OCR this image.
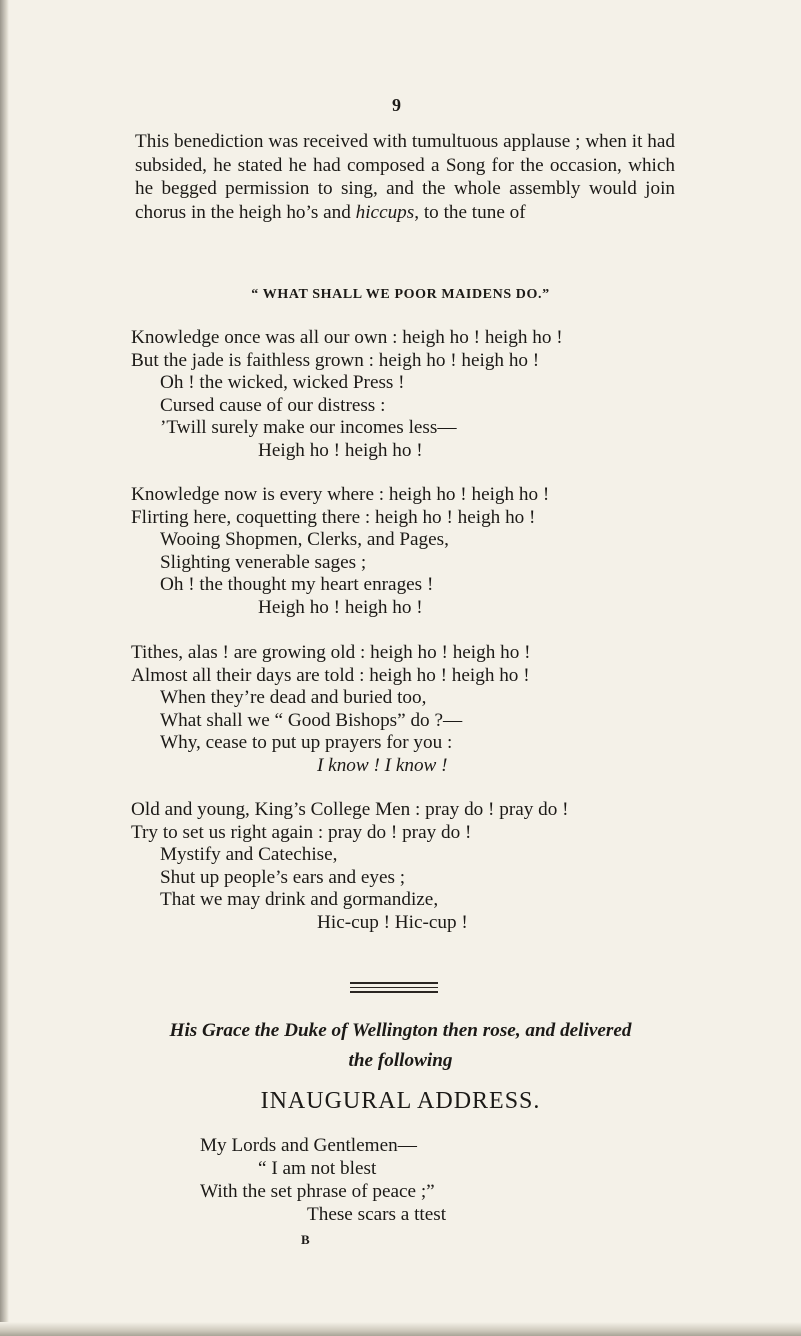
9

This benediction was received with tumultuous applause ; when it had subsided, he stated he had composed a Song for the occasion, which he begged permission to sing, and the whole assembly would join chorus in the heigh ho’s and hiccups, to the tune of

“ WHAT SHALL WE POOR MAIDENS DO.”
Knowledge once was all our own : heigh ho ! heigh ho !
But the jade is faithless grown : heigh ho ! heigh ho !
Oh ! the wicked, wicked Press !
Cursed cause of our distress :
’Twill surely make our incomes less—
Heigh ho ! heigh ho !
Knowledge now is every where : heigh ho ! heigh ho !
Flirting here, coquetting there : heigh ho ! heigh ho !
Wooing Shopmen, Clerks, and Pages,
Slighting venerable sages ;
Oh ! the thought my heart enrages !
Heigh ho ! heigh ho !
Tithes, alas ! are growing old : heigh ho ! heigh ho !
Almost all their days are told : heigh ho ! heigh ho !
When they’re dead and buried too,
What shall we “ Good Bishops” do ?—
Why, cease to put up prayers for you :
I know ! I know !
Old and young, King’s College Men : pray do ! pray do !
Try to set us right again : pray do ! pray do !
Mystify and Catechise,
Shut up people’s ears and eyes ;
That we may drink and gormandize,
Hic-cup ! Hic-cup !
His Grace the Duke of Wellington then rose, and delivered
the following
INAUGURAL ADDRESS.
My Lords and Gentlemen—
“ I am not blest
With the set phrase of peace ;”
These scars a ttest
B
